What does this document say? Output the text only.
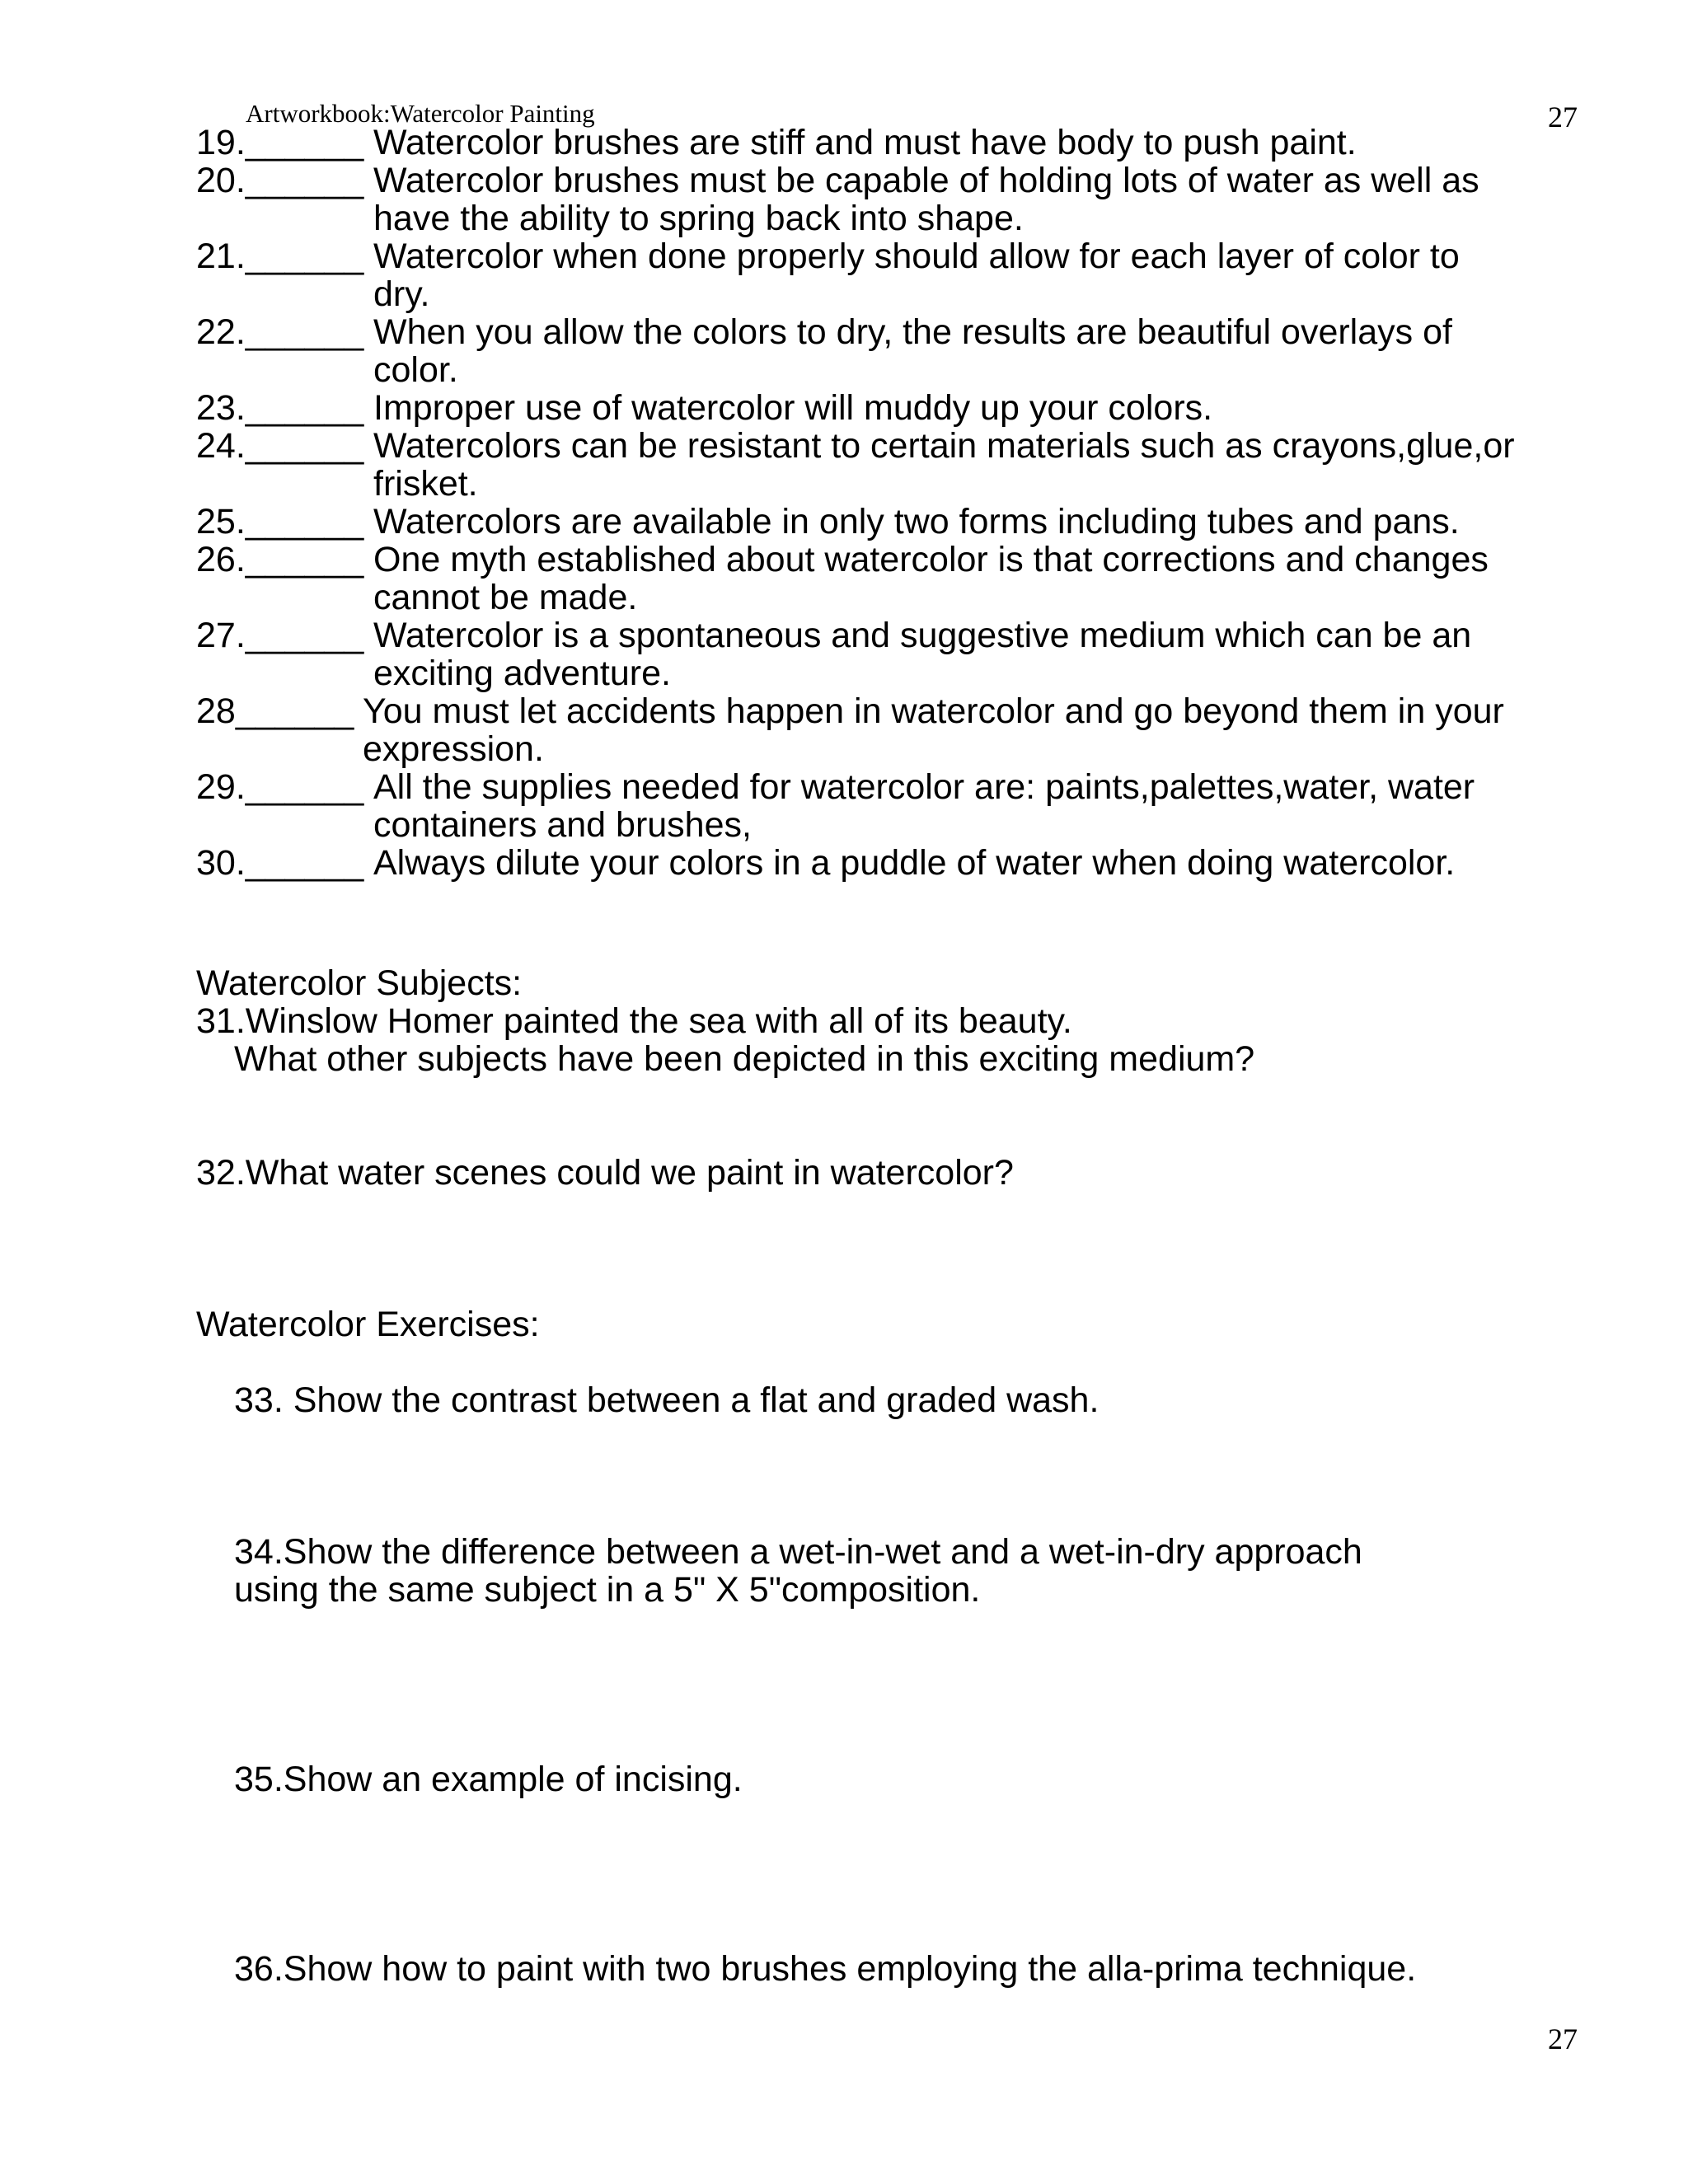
Artworkbook:Watercolor Painting	27
19.______ Watercolor brushes are stiff and must have body to push paint.
20.______ Watercolor brushes must be capable of holding lots of water as well as have the ability to spring back into shape.
21.______ Watercolor when done properly should allow for each layer of color to dry.
22.______ When you allow the colors to dry, the results are beautiful overlays of color.
23.______ Improper use of watercolor will muddy up your colors.
24.______ Watercolors can be resistant to certain materials such as crayons,glue,or frisket.
25.______ Watercolors are available in only two forms including tubes and pans.
26.______ One myth established about watercolor is that corrections and changes cannot be made.
27.______ Watercolor is a spontaneous and suggestive medium which can be an exciting adventure.
28______ You must let accidents happen in watercolor and go beyond them in your expression.
29.______ All the supplies needed for watercolor are: paints,palettes,water, water containers and brushes,
30.______ Always dilute your colors in a puddle of water when doing watercolor.
Watercolor Subjects:
31.Winslow Homer painted the sea with all of its beauty.
What other subjects have been depicted in this exciting medium?
32.What water scenes could we paint in watercolor?
Watercolor Exercises:
33. Show the contrast between a flat and graded wash.
34.Show the difference between a wet-in-wet and a wet-in-dry approach
using the same subject in a 5" X 5"composition.
35.Show an example of incising.
36.Show how to paint with two brushes employing the alla-prima technique.
27
